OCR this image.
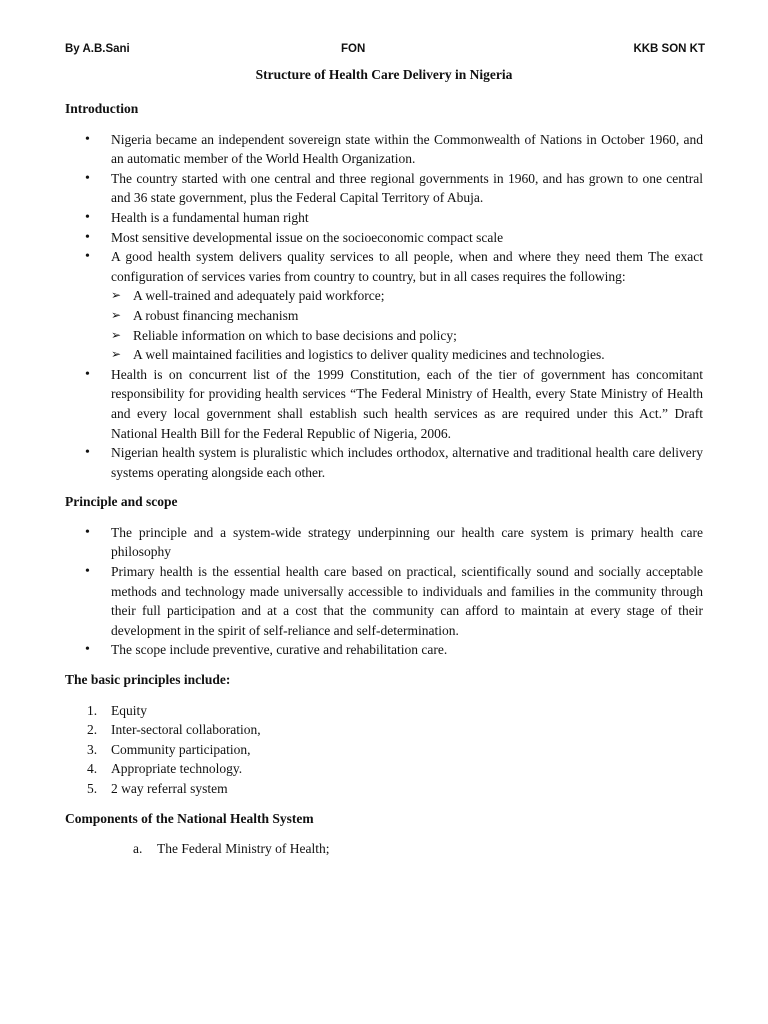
By A.B.Sani	FON	KKB SON KT
Structure of Health Care Delivery in Nigeria
Introduction
• Nigeria became an independent sovereign state within the Commonwealth of Nations in October 1960, and an automatic member of the World Health Organization.
• The country started with one central and three regional governments in 1960, and has grown to one central and 36 state government, plus the Federal Capital Territory of Abuja.
• Health is a fundamental human right
• Most sensitive developmental issue on the socioeconomic compact scale
• A good health system delivers quality services to all people, when and where they need them The exact configuration of services varies from country to country, but in all cases requires the following:
➢ A well-trained and adequately paid workforce;
➢ A robust financing mechanism
➢ Reliable information on which to base decisions and policy;
➢ A well maintained facilities and logistics to deliver quality medicines and technologies.
• Health is on concurrent list of the 1999 Constitution, each of the tier of government has concomitant responsibility for providing health services “The Federal Ministry of Health, every State Ministry of Health and every local government shall establish such health services as are required under this Act.” Draft National Health Bill for the Federal Republic of Nigeria, 2006.
• Nigerian health system is pluralistic which includes orthodox, alternative and traditional health care delivery systems operating alongside each other.
Principle and scope
• The principle and a system-wide strategy underpinning our health care system is primary health care philosophy
• Primary health is the essential health care based on practical, scientifically sound and socially acceptable methods and technology made universally accessible to individuals and families in the community through their full participation and at a cost that the community can afford to maintain at every stage of their development in the spirit of self-reliance and self-determination.
• The scope include preventive, curative and rehabilitation care.
The basic principles include:
1. Equity
2. Inter-sectoral collaboration,
3. Community participation,
4. Appropriate technology.
5. 2 way referral system
Components of the National Health System
a. The Federal Ministry of Health;
